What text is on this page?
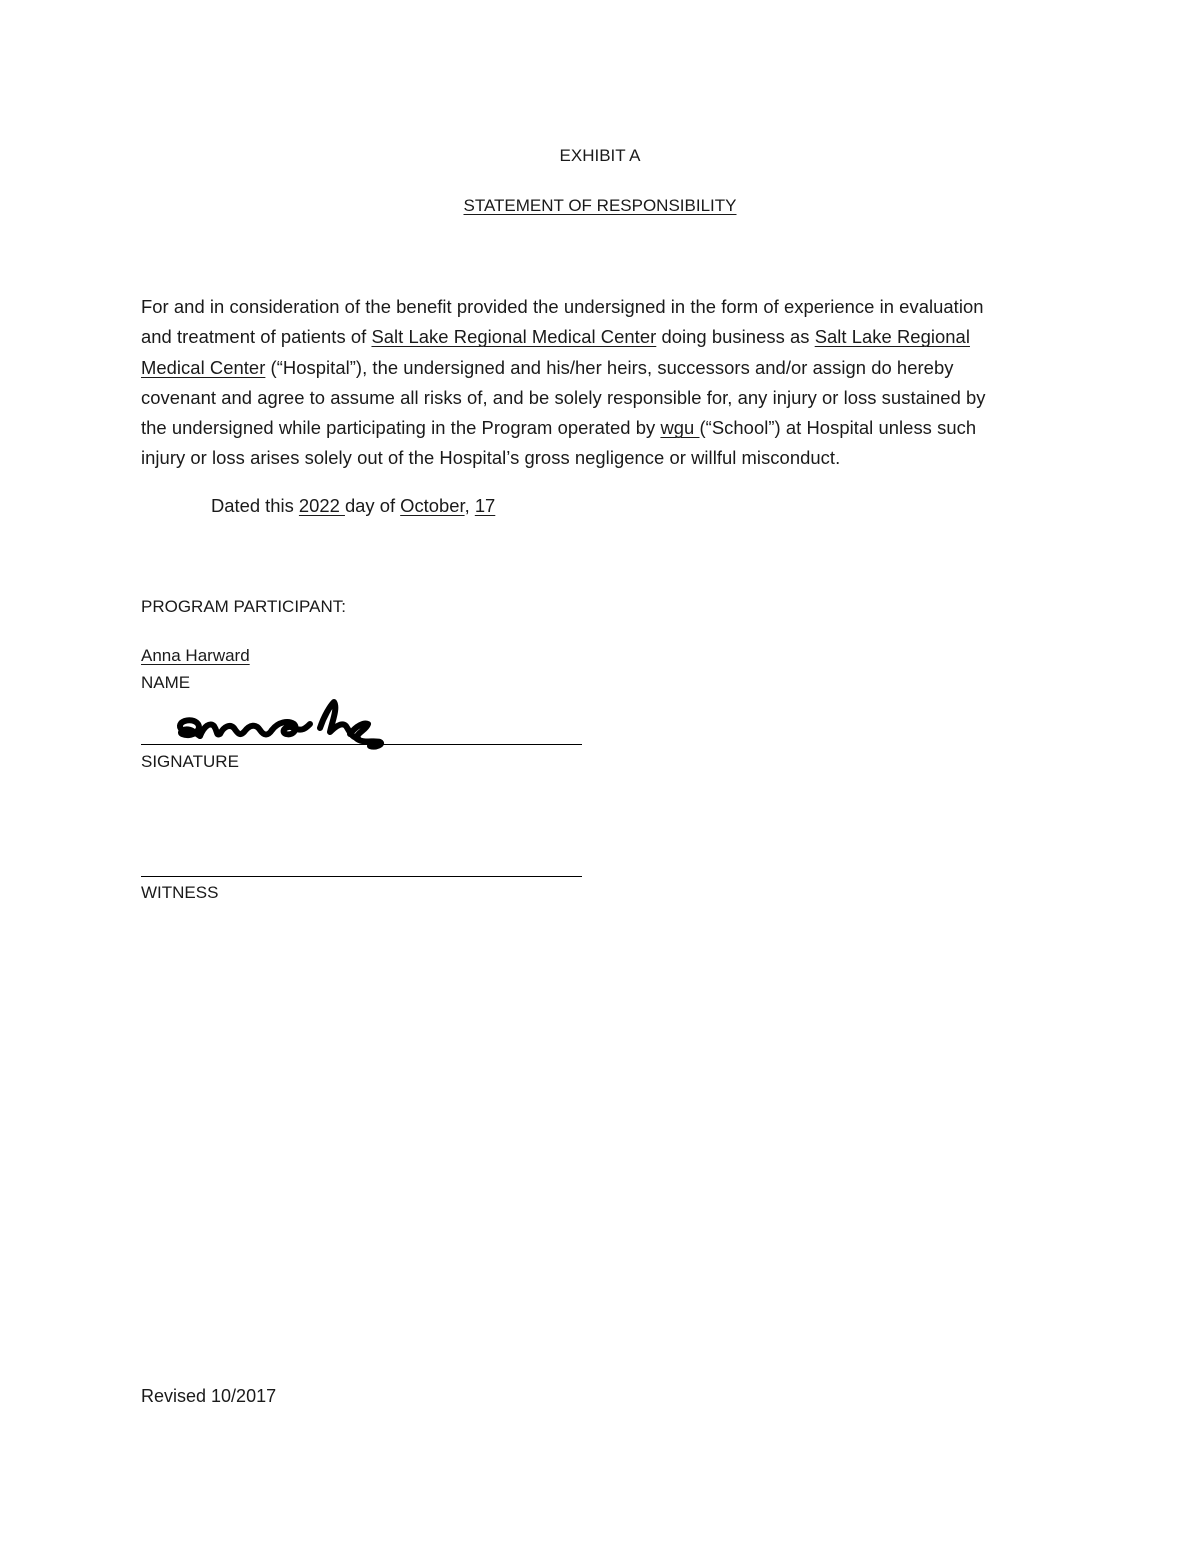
EXHIBIT A
STATEMENT OF RESPONSIBILITY
For and in consideration of the benefit provided the undersigned in the form of experience in evaluation
and treatment of patients of Salt Lake Regional Medical Center doing business as Salt Lake Regional
Medical Center (“Hospital”), the undersigned and his/her heirs, successors and/or assign do hereby
covenant and agree to assume all risks of, and be solely responsible for, any injury or loss sustained by
the undersigned while participating in the Program operated by wgu (“School”) at Hospital unless such
injury or loss arises solely out of the Hospital’s gross negligence or willful misconduct.
Dated this 2022 day of October, 17
PROGRAM PARTICIPANT:
Anna Harward
NAME
SIGNATURE
WITNESS
Revised 10/2017
